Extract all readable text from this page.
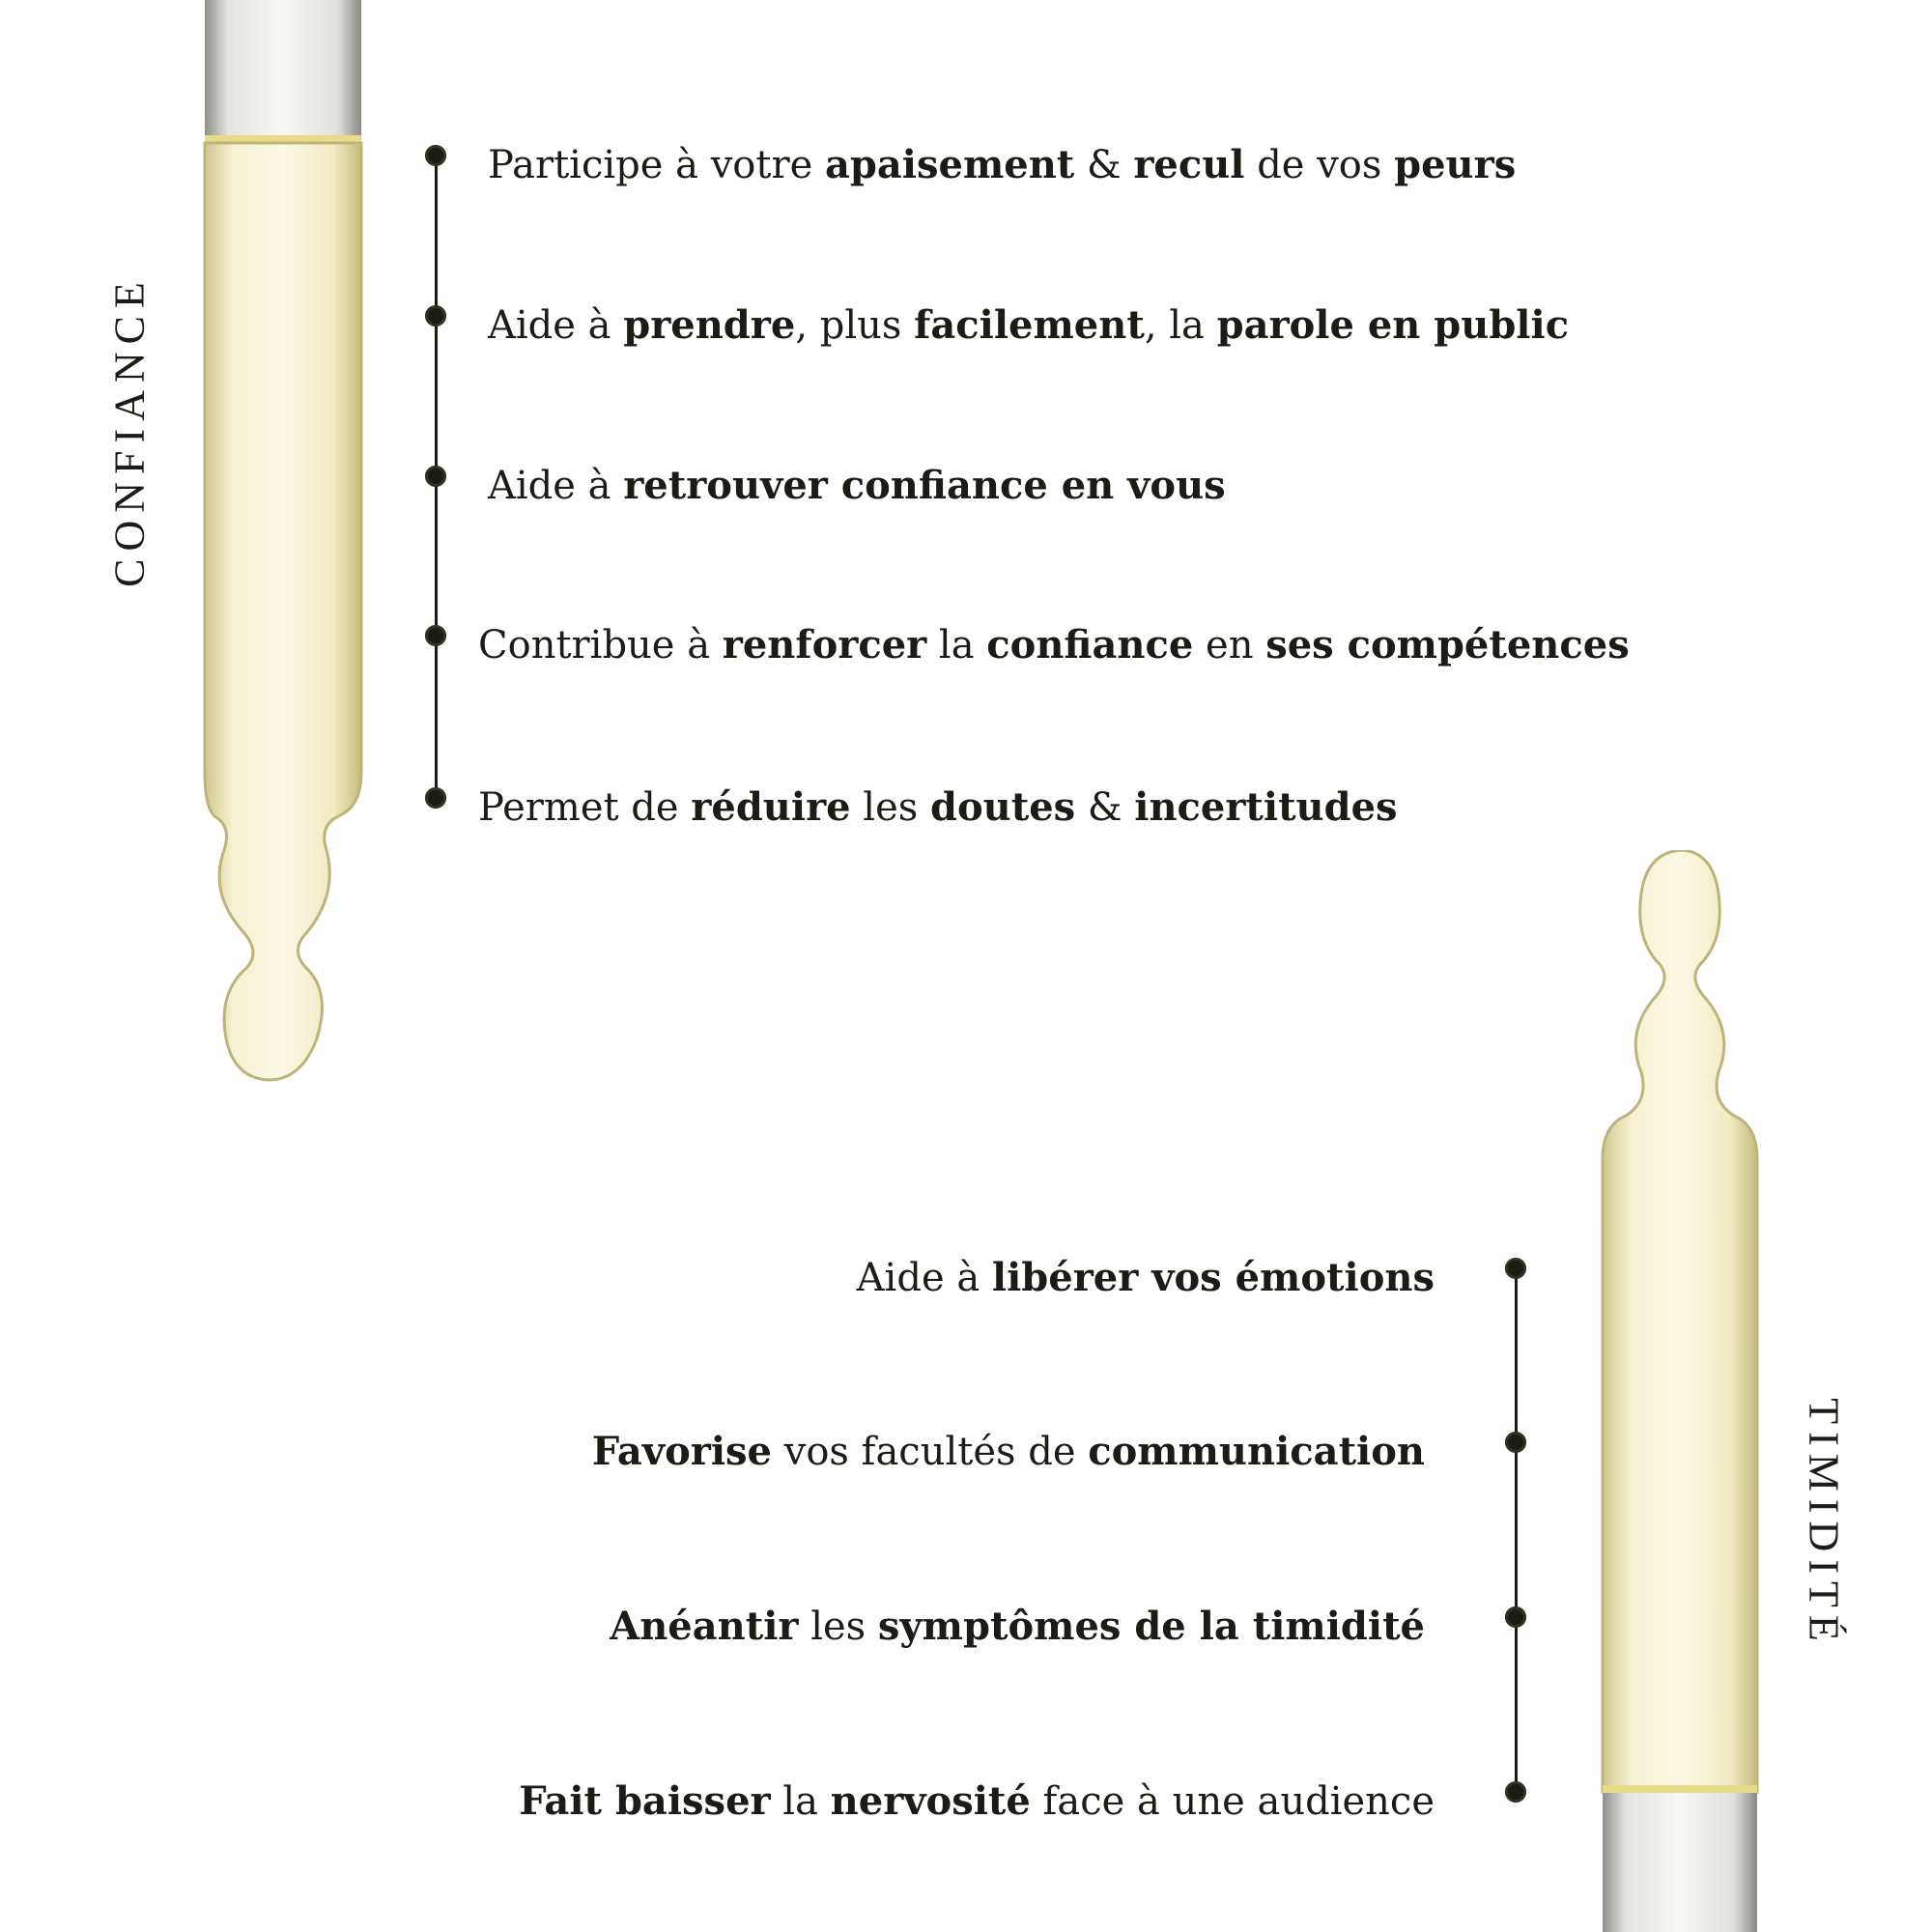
CONFIANCE
TIMIDITÉ
Participe à votre apaisement & recul de vos peurs
Aide à prendre, plus facilement, la parole en public
Aide à retrouver confiance en vous
Contribue à renforcer la confiance en ses compétences
Permet de réduire les doutes & incertitudes
Aide à libérer vos émotions
Favorise vos facultés de communication
Anéantir les symptômes de la timidité
Fait baisser la nervosité face à une audience
